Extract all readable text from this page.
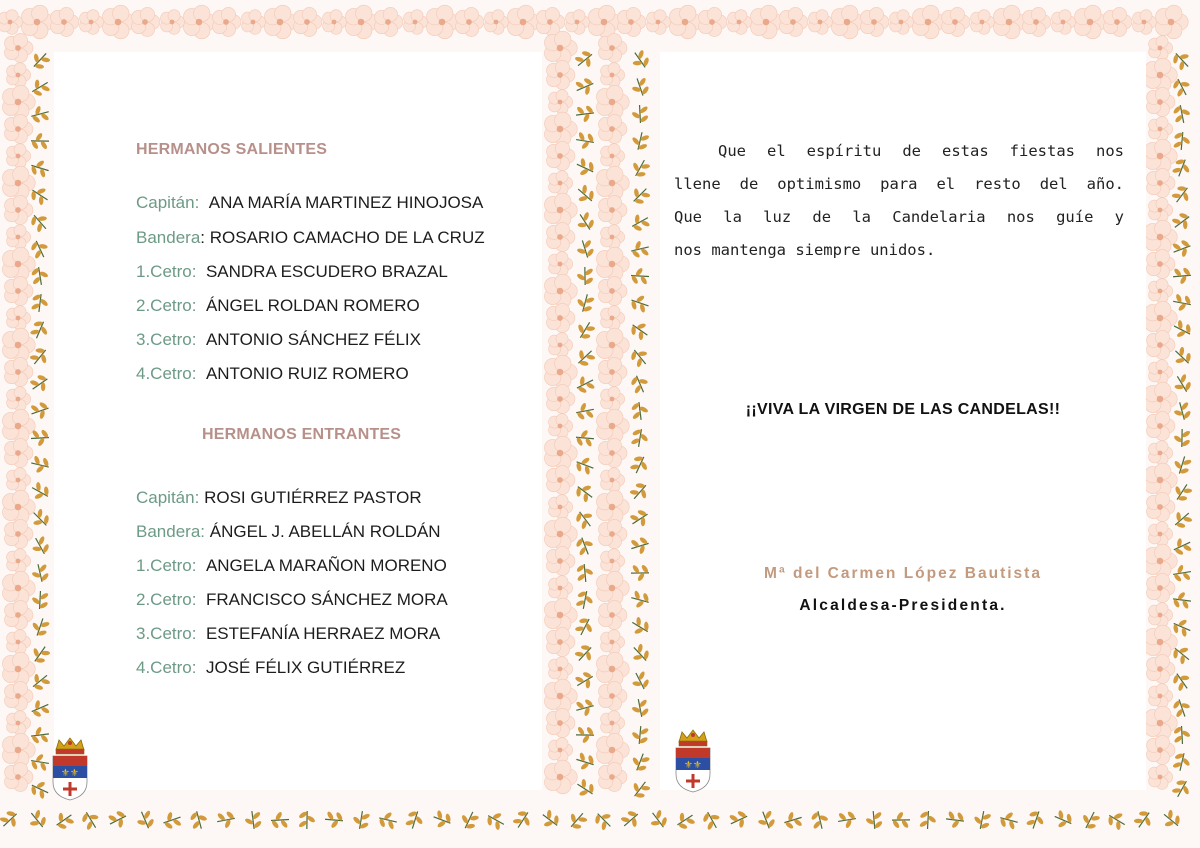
HERMANOS SALIENTES
Capitán: ANA MARÍA MARTINEZ HINOJOSA
Bandera: ROSARIO CAMACHO DE LA CRUZ
1.Cetro: SANDRA ESCUDERO BRAZAL
2.Cetro: ÁNGEL ROLDAN ROMERO
3.Cetro: ANTONIO SÁNCHEZ FÉLIX
4.Cetro: ANTONIO RUIZ ROMERO
HERMANOS ENTRANTES
Capitán: ROSI GUTIÉRREZ PASTOR
Bandera: ÁNGEL J. ABELLÁN ROLDÁN
1.Cetro: ANGELA MARAÑON MORENO
2.Cetro: FRANCISCO SÁNCHEZ MORA
3.Cetro: ESTEFANÍA HERRAEZ MORA
4.Cetro: JOSÉ FÉLIX GUTIÉRREZ
Que el espíritu de estas fiestas nos
llene de optimismo para el resto del año.
Que la luz de la Candelaria nos guíe y
nos mantenga siempre unidos.
¡¡VIVA LA VIRGEN DE LAS CANDELAS!!
Mª del Carmen López Bautista
Alcaldesa-Presidenta.
⚜⚜
⚜⚜
